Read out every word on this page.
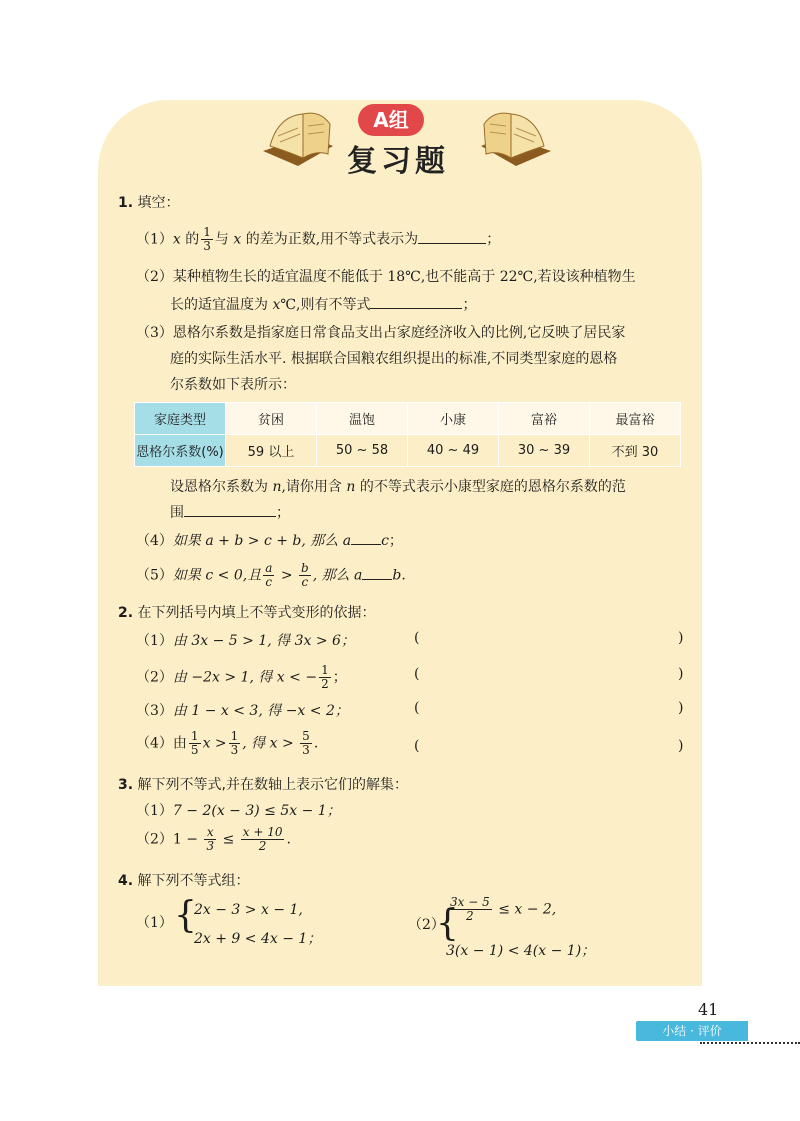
A组
复习题
1. 填空：
（1）x 的 $\frac{1}{3}$ 与 x 的差为正数,用不等式表示为	；
（2）某种植物生长的适宜温度不能低于 18℃,也不能高于 22℃,若设该种植物生
长的适宜温度为 x℃,则有不等式	；
（3）恩格尔系数是指家庭日常食品支出占家庭经济收入的比例,它反映了居民家
庭的实际生活水平. 根据联合国粮农组织提出的标准,不同类型家庭的恩格
尔系数如下表所示：
家庭类型	贫困	温饱	小康	富裕	最富裕
恩格尔系数(%)	59 以上	50 ~ 58	40 ~ 49	30 ~ 39	不到 30
设恩格尔系数为 n,请你用含 n 的不等式表示小康型家庭的恩格尔系数的范
围	；
（4）如果 a + b > c + b, 那么 a c；
（5）如果 c < 0,且 $\frac{a}{c} > \frac{b}{c}$ , 那么 a b.
2. 在下列括号内填上不等式变形的依据：
（1）由 3x − 5 > 1, 得 3x > 6；	(	)
（2）由 −2x > 1, 得 x < − $\frac{1}{2}$ ；	(	)
（3）由 1 − x < 3, 得 −x < 2；	(	)
（4）由 $\frac{1}{5}$ $x > \frac{1}{3}$ , 得 $x > \frac{5}{3}$ .	(	)
3. 解下列不等式,并在数轴上表示它们的解集：
（1）7 − 2(x − 3) ≤ 5x − 1；
$(2)1 - \frac{x}{3} \le \frac{x + 10}{2}$ .
4. 解下列不等式组：
（1） {
2x − 3 > x − 1,
2x + 9 < 4x − 1；
（2）
{
$\frac{3x - 5}{2} \le x - 2$,
3(x − 1) < 4(x − 1)；
41
小结 · 评价
